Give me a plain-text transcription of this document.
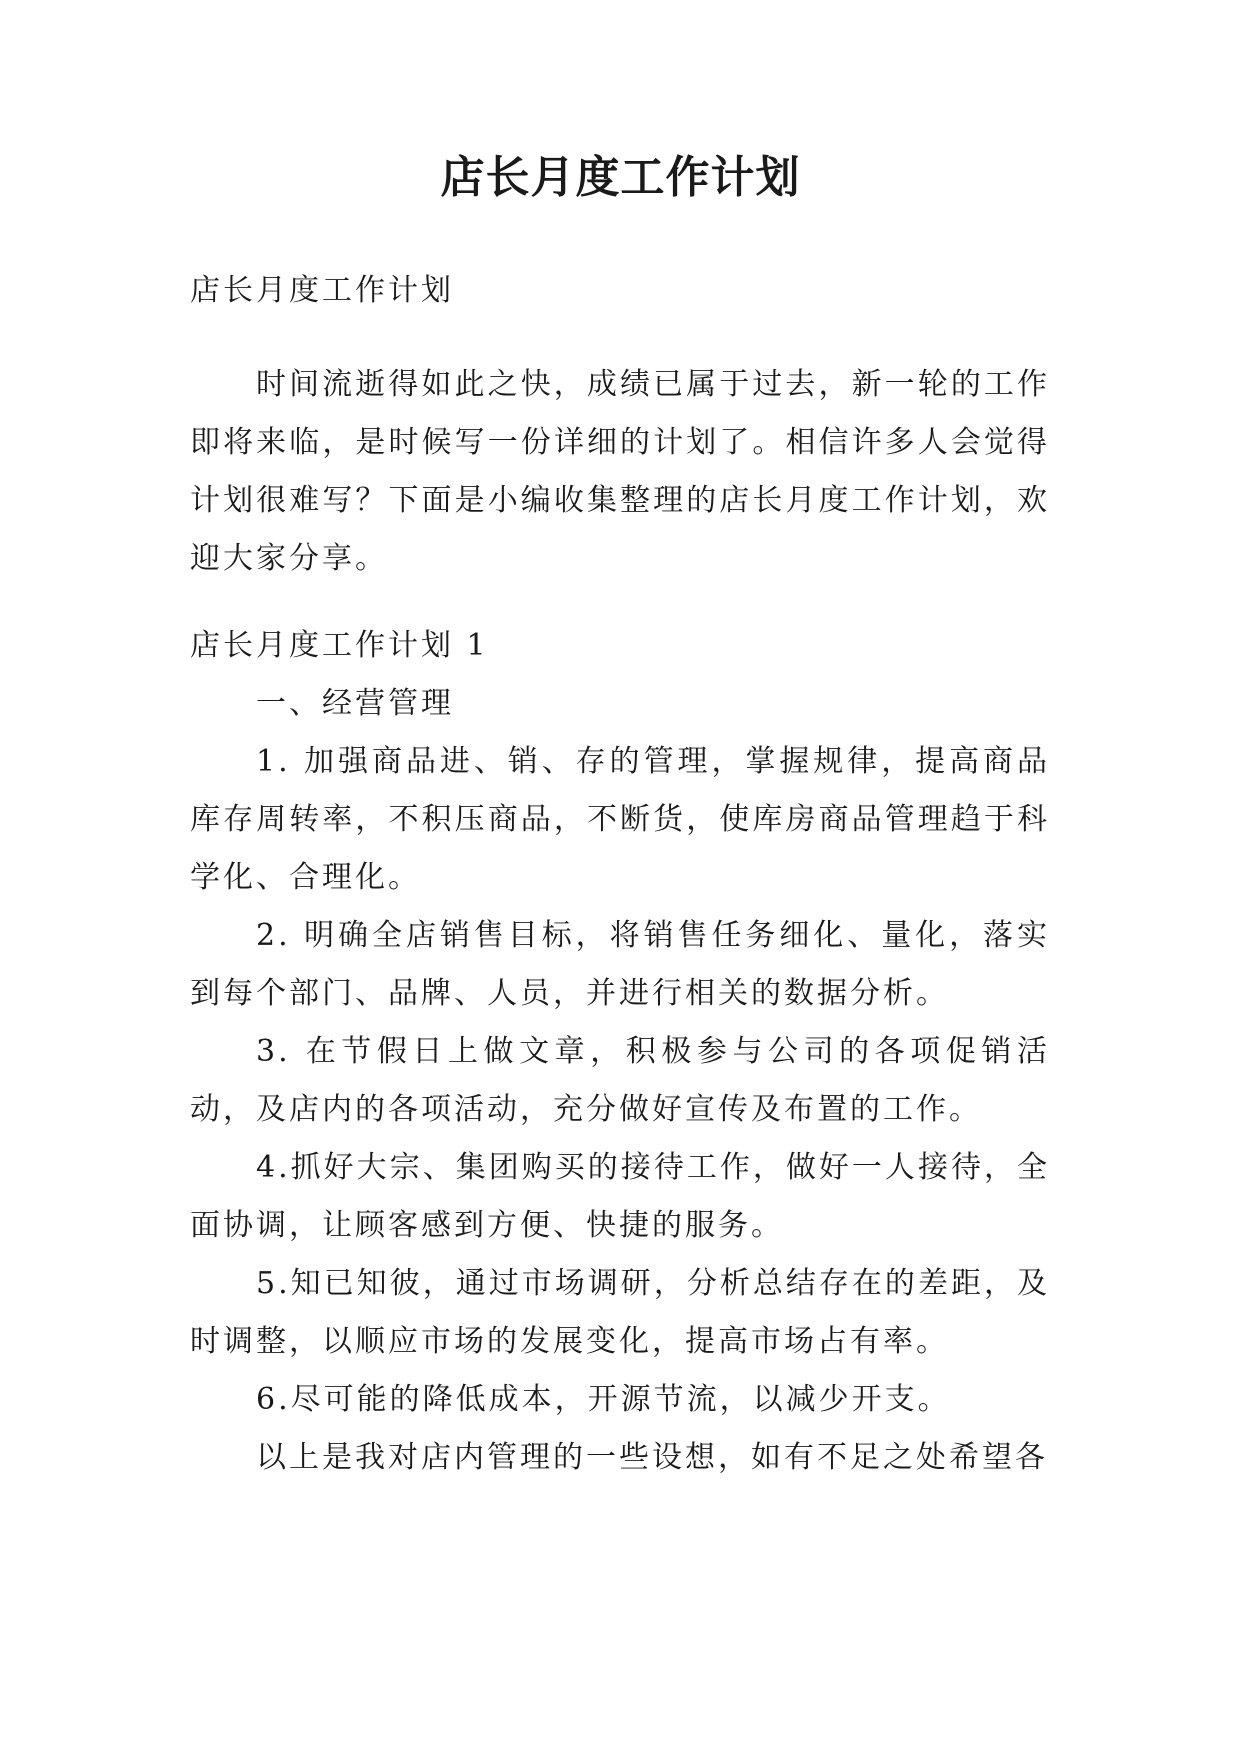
店长月度工作计划

店长月度工作计划

时间流逝得如此之快，成绩已属于过去，新一轮的工作即将来临，是时候写一份详细的计划了。相信许多人会觉得计划很难写？下面是小编收集整理的店长月度工作计划，欢迎大家分享。

店长月度工作计划 1

一、经营管理

1. 加强商品进、销、存的管理，掌握规律，提高商品库存周转率，不积压商品，不断货，使库房商品管理趋于科学化、合理化。

2. 明确全店销售目标，将销售任务细化、量化，落实到每个部门、品牌、人员，并进行相关的数据分析。

3. 在节假日上做文章，积极参与公司的各项促销活动，及店内的各项活动，充分做好宣传及布置的工作。

4.抓好大宗、集团购买的接待工作，做好一人接待，全面协调，让顾客感到方便、快捷的服务。

5.知已知彼，通过市场调研，分析总结存在的差距，及时调整，以顺应市场的发展变化，提高市场占有率。

6.尽可能的降低成本，开源节流，以减少开支。

以上是我对店内管理的一些设想，如有不足之处希望各
